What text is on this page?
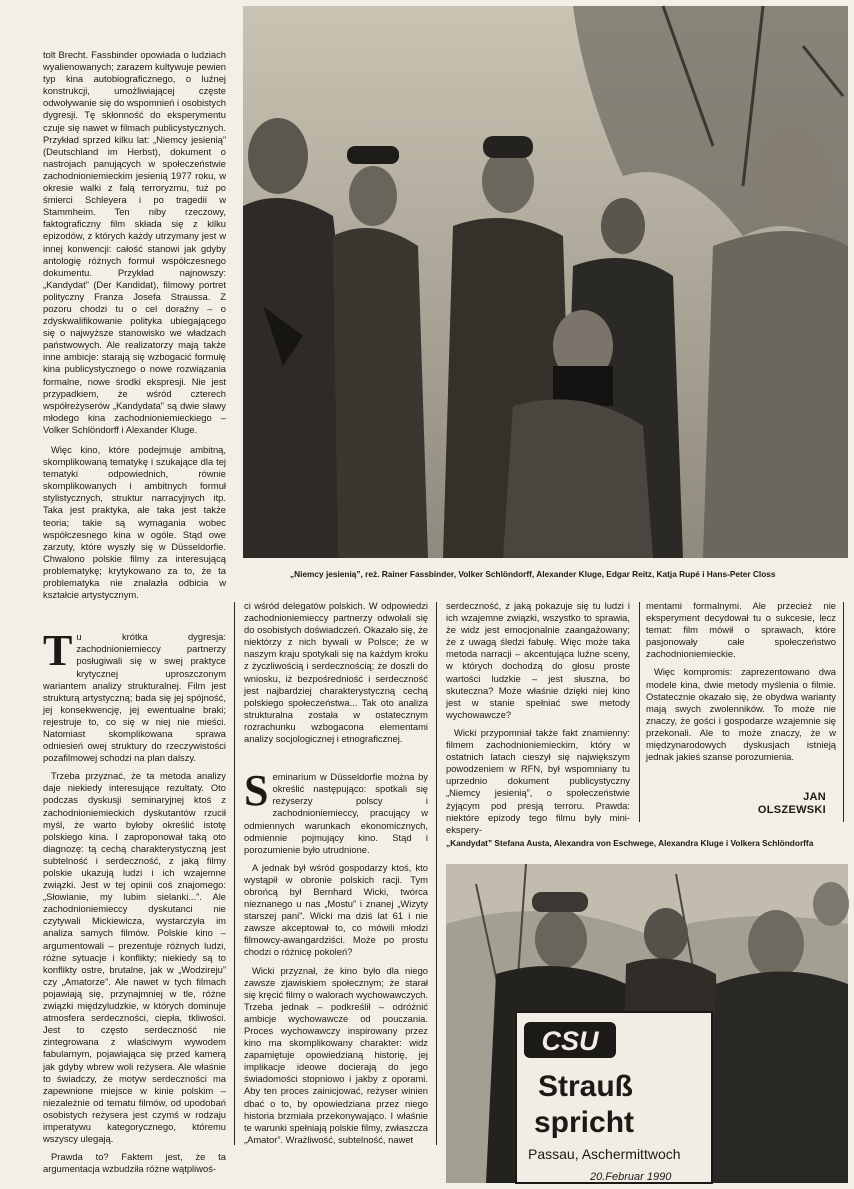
„Niemcy jesienią”, reż. Rainer Fassbinder, Volker Schlöndorff, Alexander Kluge, Edgar Reitz, Katja Rupé i Hans-Peter Closs

tolt Brecht. Fassbinder opowiada o ludziach wyalienowanych; zarazem kultywuje pewien typ kina autobiograficznego, o luźnej konstrukcji, umożliwiającej częste odwoływanie się do wspomnień i osobistych dygresji. Tę skłonność do eksperymentu czuje się nawet w filmach publicystycznych. Przykład sprzed kilku lat: „Niemcy jesienią” (Deutschland im Herbst), dokument o nastrojach panujących w społeczeństwie zachodnioniemieckim jesienią 1977 roku, w okresie walki z falą terroryzmu, tuż po śmierci Schleyera i po tragedii w Stammheim. Ten niby rzeczowy, faktograficzny film składa się z kilku epizodów, z których każdy utrzymany jest w innej konwencji: całość stanowi jak gdyby antologię różnych formuł współczesnego dokumentu. Przykład najnowszy: „Kandydat” (Der Kandidat), filmowy portret polityczny Franza Josefa Straussa. Z pozoru chodzi tu o cel doraźny – o zdyskwalifikowanie polityka ubiegającego się o najwyższe stanowisko we władzach państwowych. Ale realizatorzy mają także inne ambicje: starają się wzbogacić formułę kina publicystycznego o nowe rozwiązania formalne, nowe środki ekspresji. Nie jest przypadkiem, że wśród czterech współreżyserów „Kandydata” są dwie sławy młodego kina zachodnioniemieckiego – Volker Schlöndorff i Alexander Kluge.

Więc kino, które podejmuje ambitną, skomplikowaną tematykę i szukające dla tej tematyki odpowiednich, równie skomplikowanych i ambitnych formuł stylistycznych, struktur narracyjnych itp. Taka jest praktyka, ale taka jest także teoria; takie są wymagania wobec współczesnego kina w ogóle. Stąd owe zarzuty, które wyszły się w Düsseldorfie. Chwalono polskie filmy za interesującą problematykę; krytykowano za to, że ta problematyka nie znalazła odbicia w kształcie artystycznym.

Tu krótka dygresja: zachodnioniemieccy partnerzy posługiwali się w swej praktyce krytycznej uproszczonym wariantem analizy strukturalnej. Film jest strukturą artystyczną; bada się jej spójność, jej konsekwencję, jej ewentualne braki; rejestruje to, co się w niej nie mieści. Natomiast skomplikowana sprawa odniesień owej struktury do rzeczywistości pozafilmowej schodzi na plan dalszy.

Trzeba przyznać, że ta metoda analizy daje niekiedy interesujące rezultaty. Oto podczas dyskusji seminaryjnej ktoś z zachodnioniemieckich dyskutantów rzucił myśl, że warto byłoby określić istotę polskiego kina. I zaproponował taką oto diagnozę: tą cechą charakterystyczną jest subtelność i serdeczność, z jaką filmy polskie ukazują ludzi i ich wzajemne związki. Jest w tej opinii coś znajomego: „Słowianie, my lubim sielanki...”. Ale zachodnioniemieccy dyskutanci nie czytywali Mickiewicza, wystarczyła im analiza samych filmów. Polskie kino – argumentowali – prezentuje różnych ludzi, różne sytuacje i konflikty; niekiedy są to konflikty ostre, brutalne, jak w „Wodzireju” czy „Amatorze”. Ale nawet w tych filmach pojawiają się, przynajmniej w tle, różne związki międzyludzkie, w których dominuje atmosfera serdeczności, ciepła, tkliwości. Jest to często serdeczność nie zintegrowana z właściwym wywodem fabularnym, pojawiająca się przed kamerą jak gdyby wbrew woli reżysera. Ale właśnie to świadczy, że motyw serdeczności ma zapewnione miejsce w kinie polskim – niezależnie od tematu filmów, od upodobań osobistych reżysera jest czymś w rodzaju imperatywu kategorycznego, któremu wszyscy ulegają.

Prawda to? Faktem jest, że ta argumentacja wzbudziła różne wątpliwoś-

ci wśród delegatów polskich. W odpowiedzi zachodnioniemieccy partnerzy odwołali się do osobistych doświadczeń. Okazało się, że niektórzy z nich bywali w Polsce; że w naszym kraju spotykali się na każdym kroku z życzliwością i serdecznością; że doszli do wniosku, iż bezpośredniość i serdeczność jest najbardziej charakterystyczną cechą polskiego społeczeństwa... Tak oto analiza strukturalna została w ostatecznym rozrachunku wzbogacona elementami analizy socjologicznej i etnograficznej.

Seminarium w Düsseldorfie można by określić następująco: spotkali się reżyserzy polscy i zachodnioniemieccy, pracujący w odmiennych warunkach ekonomicznych, odmiennie pojmujący kino. Stąd i porozumienie było utrudnione.

A jednak był wśród gospodarzy ktoś, kto wystąpił w obronie polskich racji. Tym obrońcą był Bernhard Wicki, twórca nieznanego u nas „Mostu” i znanej „Wizyty starszej pani”. Wicki ma dziś lat 61 i nie zawsze akceptował to, co mówili młodzi filmowcy-awangardziści. Może po prostu chodzi o różnicę pokoleń?

Wicki przyznał, że kino było dla niego zawsze zjawiskiem społecznym; że starał się kręcić filmy o walorach wychowawczych. Trzeba jednak – podkreślił – odróżnić ambicje wychowawcze od pouczania. Proces wychowawczy inspirowany przez kino ma skomplikowany charakter: widz zapamiętuje opowiedzianą historię, jej implikacje ideowe docierają do jego świadomości stopniowo i jakby z oporami. Aby ten proces zainicjować, reżyser winien dbać o to, by opowiedziana przez niego historia brzmiała przekonywająco. I właśnie te warunki spełniają polskie filmy, zwłaszcza „Amator”. Wrażliwość, subtelność, nawet

serdeczność, z jaką pokazuje się tu ludzi i ich wzajemne związki, wszystko to sprawia, że widz jest emocjonalnie zaangażowany; że z uwagą śledzi fabułę. Więc może taka metoda narracji – akcentująca luźne sceny, w których dochodzą do głosu proste wartości ludzkie – jest słuszna, bo skuteczna? Może właśnie dzięki niej kino jest w stanie spełniać swe metody wychowawcze?

Wicki przypomniał także fakt znamienny: filmem zachodnioniemieckim, który w ostatnich latach cieszył się największym powodzeniem w RFN, był wspomniany tu uprzednio dokument publicystyczny „Niemcy jesienią”, o społeczeństwie żyjącym pod presją terroru. Prawda: niektóre epizody tego filmu były mini-ekspery-

mentami formalnymi. Ale przecież nie eksperyment decydował tu o sukcesie, lecz temat: film mówił o sprawach, które pasjonowały całe społeczeństwo zachodnioniemieckie.

Więc kompromis: zaprezentowano dwa modele kina, dwie metody myślenia o filmie. Ostatecznie okazało się, że obydwa warianty mają swych zwolenników. To może nie znaczy, że gości i gospodarze wzajemnie się przekonali. Ale to może znaczy, że w międzynarodowych dyskusjach istnieją jednak jakieś szanse porozumienia.

JAN
OLSZEWSKI
„Kandydat” Stefana Austa, Alexandra von Eschwege, Alexandra Kluge i Volkera Schlöndorffa
CSU
Strauß
spricht
Passau, Aschermittwoch
20.Februar 1990
